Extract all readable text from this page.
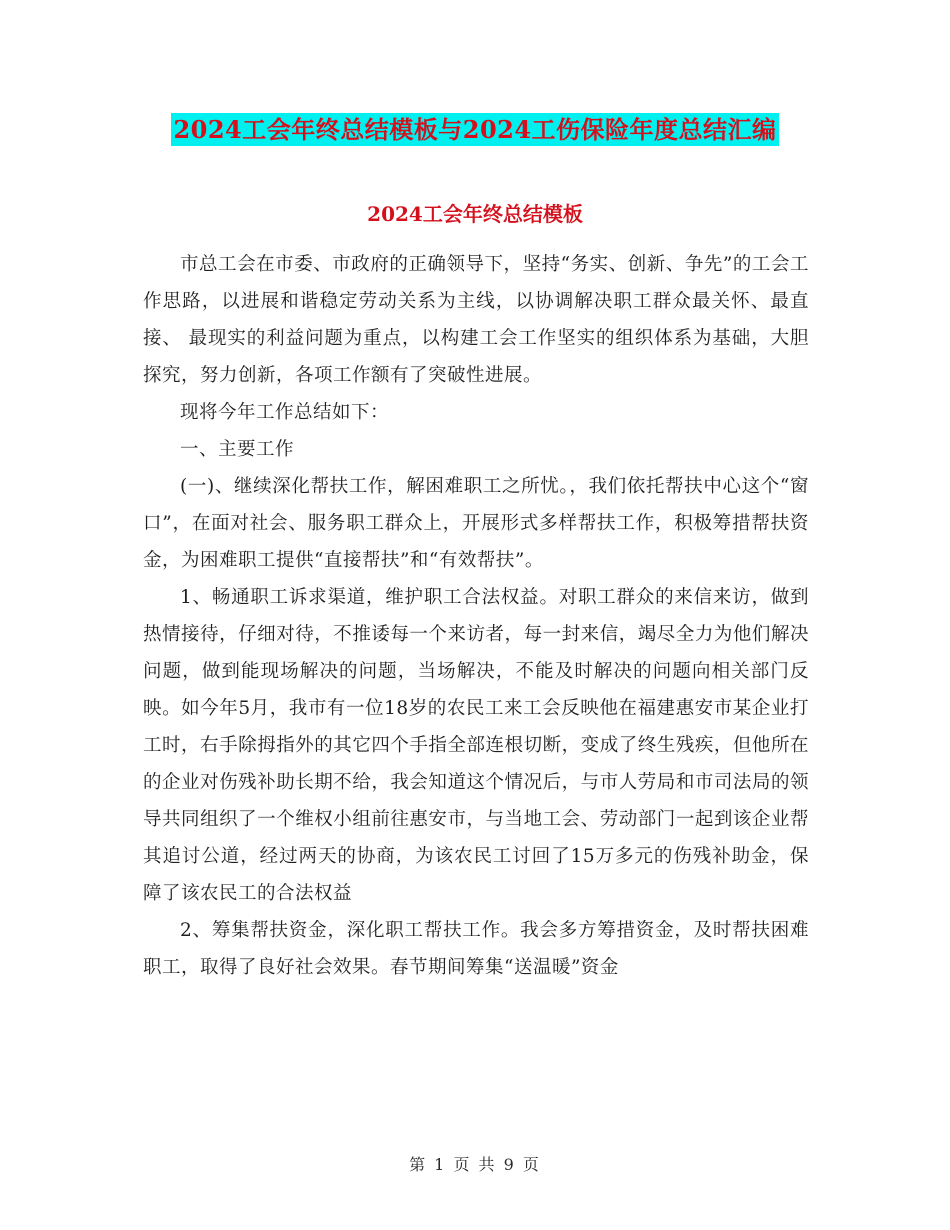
2024工会年终总结模板与2024工伤保险年度总结汇编
2024工会年终总结模板

市总工会在市委、市政府的正确领导下，坚持“务实、创新、争先”的工会工作思路，以进展和谐稳定劳动关系为主线，以协调解决职工群众最关怀、最直接、 最现实的利益问题为重点，以构建工会工作坚实的组织体系为基础，大胆探究，努力创新，各项工作额有了突破性进展。

现将今年工作总结如下：

一、主要工作

(一)、继续深化帮扶工作，解困难职工之所忧。，我们依托帮扶中心这个“窗口”，在面对社会、服务职工群众上，开展形式多样帮扶工作，积极筹措帮扶资金，为困难职工提供“直接帮扶”和“有效帮扶”。

1、畅通职工诉求渠道，维护职工合法权益。对职工群众的来信来访，做到热情接待，仔细对待，不推诿每一个来访者，每一封来信，竭尽全力为他们解决问题，做到能现场解决的问题，当场解决，不能及时解决的问题向相关部门反映。如今年5月，我市有一位18岁的农民工来工会反映他在福建惠安市某企业打工时，右手除拇指外的其它四个手指全部连根切断，变成了终生残疾，但他所在的企业对伤残补助长期不给，我会知道这个情况后，与市人劳局和市司法局的领导共同组织了一个维权小组前往惠安市，与当地工会、劳动部门一起到该企业帮其追讨公道，经过两天的协商，为该农民工讨回了15万多元的伤残补助金，保障了该农民工的合法权益

2、筹集帮扶资金，深化职工帮扶工作。我会多方筹措资金，及时帮扶困难职工，取得了良好社会效果。春节期间筹集“送温暖”资金

第 1 页 共 9 页
